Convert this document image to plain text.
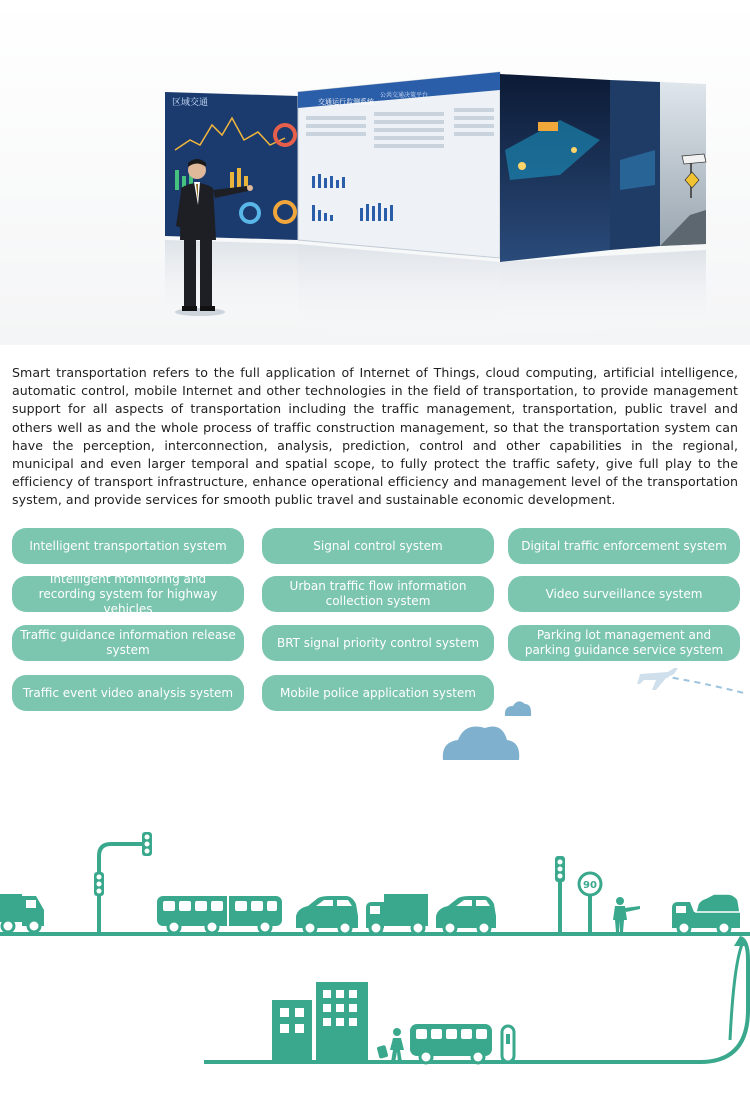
区域交通	交通运行监测系统
公共交通决策平台

Smart transportation refers to the full application of Internet of Things, cloud computing, artificial intelligence, automatic control, mobile Internet and other technologies in the field of transportation, to provide management support for all aspects of transportation including the traffic management, transportation, public travel and others well as and the whole process of traffic construction management, so that the transportation system can have the perception, interconnection, analysis, prediction, control and other capabilities in the regional, municipal and even larger temporal and spatial scope, to fully protect the traffic safety, give full play to the efficiency of transport infrastructure, enhance operational efficiency and management level of the transportation system, and provide services for smooth public travel and sustainable economic development.

Intelligent transportation system	Signal control system	Digital traffic enforcement system
Intelligent monitoring and recording system for highway vehicles
Urban traffic flow information collection system
Video surveillance system
Traffic guidance information release system
BRT signal priority control system
Parking lot management and parking guidance service system
Traffic event video analysis system	Mobile police application system
90
